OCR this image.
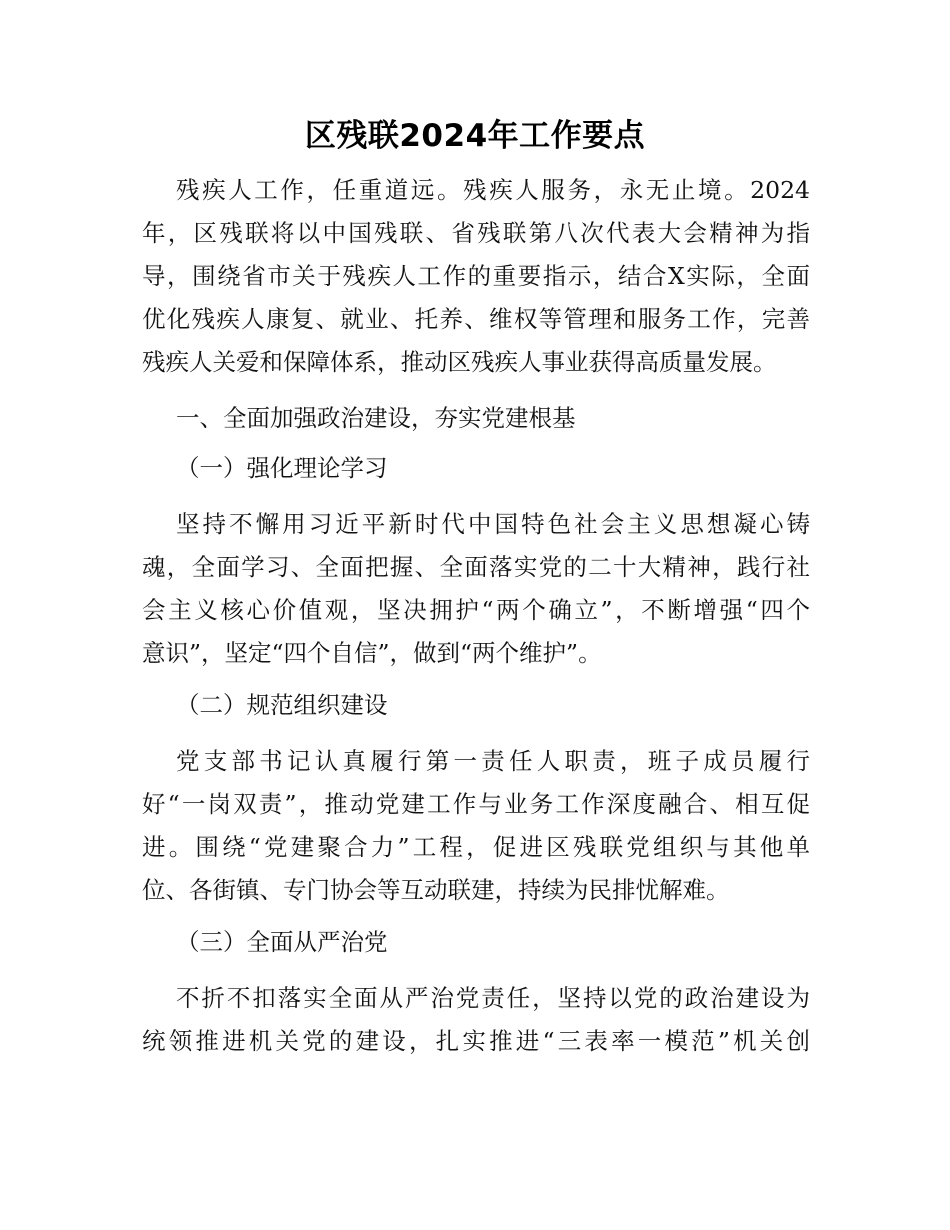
区残联2024年工作要点
残疾人工作，任重道远。残疾人服务，永无止境。2024
年，区残联将以中国残联、省残联第八次代表大会精神为指
导，围绕省市关于残疾人工作的重要指示，结合X实际，全面
优化残疾人康复、就业、托养、维权等管理和服务工作，完善
残疾人关爱和保障体系，推动区残疾人事业获得高质量发展。
一、全面加强政治建设，夯实党建根基
（一）强化理论学习
坚持不懈用习近平新时代中国特色社会主义思想凝心铸
魂，全面学习、全面把握、全面落实党的二十大精神，践行社
会主义核心价值观，坚决拥护“两个确立”，不断增强“四个
意识”，坚定“四个自信”，做到“两个维护”。
（二）规范组织建设
党支部书记认真履行第一责任人职责，班子成员履行
好“一岗双责”，推动党建工作与业务工作深度融合、相互促
进。围绕“党建聚合力”工程，促进区残联党组织与其他单
位、各街镇、专门协会等互动联建，持续为民排忧解难。
（三）全面从严治党
不折不扣落实全面从严治党责任，坚持以党的政治建设为
统领推进机关党的建设，扎实推进“三表率一模范”机关创
